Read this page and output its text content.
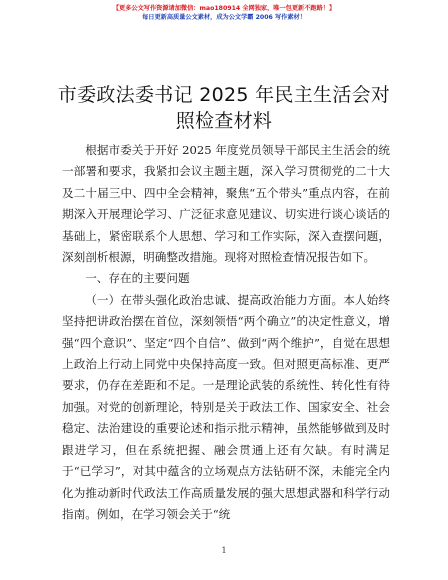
【更多公文写作资源请加微信：mao180914 全网独家，唯一包更新不跑路！】
每日更新高质量公文素材，成为公文学霸 2006 写作素材！
市委政法委书记 2025 年民主生活会对照检查材料

根据市委关于开好 2025 年度党员领导干部民主生活会的统一部署和要求，我紧扣会议主题主题，深入学习贯彻党的二十大及二十届三中、四中全会精神，聚焦“五个带头”重点内容，在前期深入开展理论学习、广泛征求意见建议、切实进行谈心谈话的基础上，紧密联系个人思想、学习和工作实际，深入查摆问题，深刻剖析根源，明确整改措施。现将对照检查情况报告如下。

一、存在的主要问题

（一）在带头强化政治忠诚、提高政治能力方面。本人始终坚持把讲政治摆在首位，深刻领悟“两个确立”的决定性意义，增强“四个意识”、坚定“四个自信”、做到“两个维护”，自觉在思想上政治上行动上同党中央保持高度一致。但对照更高标准、更严要求，仍存在差距和不足。一是理论武装的系统性、转化性有待加强。对党的创新理论，特别是关于政法工作、国家安全、社会稳定、法治建设的重要论述和指示批示精神，虽然能够做到及时跟进学习，但在系统把握、融会贯通上还有欠缺。有时满足于“已学习”，对其中蕴含的立场观点方法钻研不深，未能完全内化为推动新时代政法工作高质量发展的强大思想武器和科学行动指南。例如，在学习领会关于“统

1
